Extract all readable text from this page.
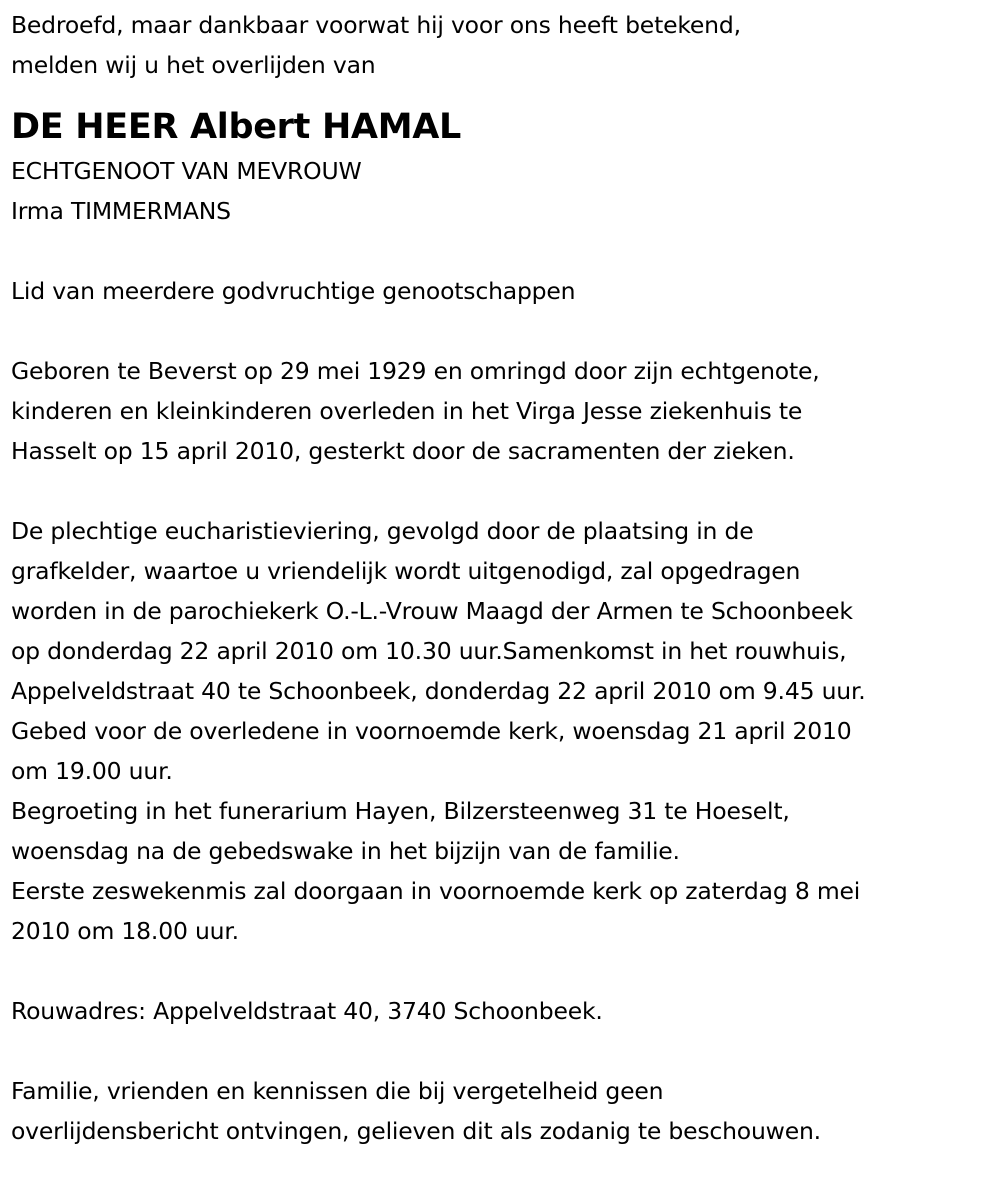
Bedroefd, maar dankbaar voorwat hij voor ons heeft betekend,
melden wij u het overlijden van
DE HEER Albert HAMAL
ECHTGENOOT VAN MEVROUW
Irma TIMMERMANS
Lid van meerdere godvruchtige genootschappen
Geboren te Beverst op 29 mei 1929 en omringd door zijn echtgenote,
kinderen en kleinkinderen overleden in het Virga Jesse ziekenhuis te
Hasselt op 15 april 2010, gesterkt door de sacramenten der zieken.
De plechtige eucharistieviering, gevolgd door de plaatsing in de
grafkelder, waartoe u vriendelijk wordt uitgenodigd, zal opgedragen
worden in de parochiekerk O.-L.-Vrouw Maagd der Armen te Schoonbeek
op donderdag 22 april 2010 om 10.30 uur.Samenkomst in het rouwhuis,
Appelveldstraat 40 te Schoonbeek, donderdag 22 april 2010 om 9.45 uur.
Gebed voor de overledene in voornoemde kerk, woensdag 21 april 2010
om 19.00 uur.
Begroeting in het funerarium Hayen, Bilzersteenweg 31 te Hoeselt,
woensdag na de gebedswake in het bijzijn van de familie.
Eerste zeswekenmis zal doorgaan in voornoemde kerk op zaterdag 8 mei
2010 om 18.00 uur.
Rouwadres: Appelveldstraat 40, 3740 Schoonbeek.
Familie, vrienden en kennissen die bij vergetelheid geen
overlijdensbericht ontvingen, gelieven dit als zodanig te beschouwen.
